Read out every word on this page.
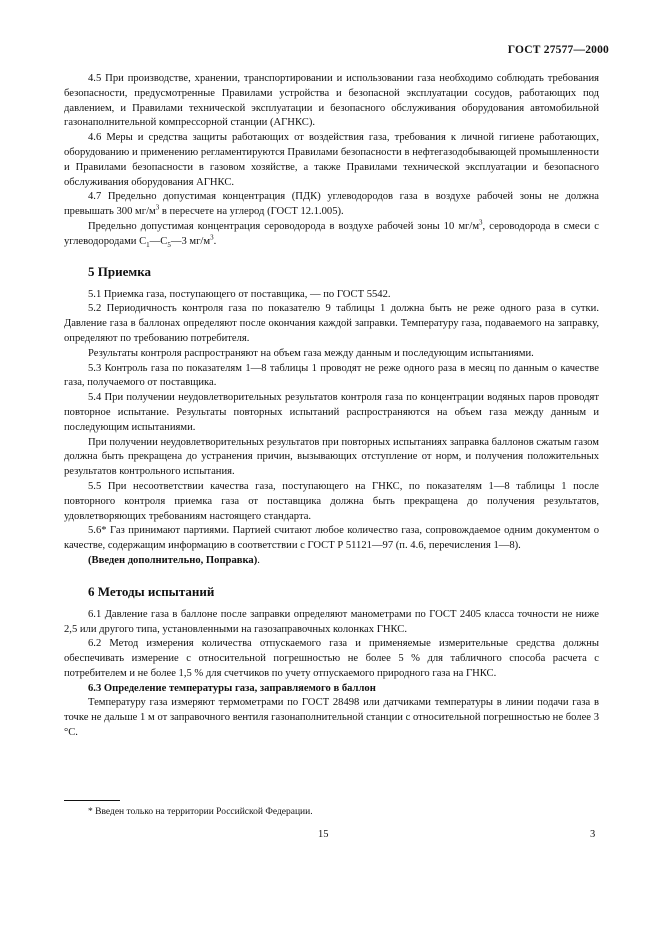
ГОСТ 27577—2000

4.5 При производстве, хранении, транспортировании и использовании газа необходимо соблюдать требования безопасности, предусмотренные Правилами устройства и безопасной эксплуатации сосудов, работающих под давлением, и Правилами технической эксплуатации и безопасного обслуживания оборудования автомобильной газонаполнительной компрессорной станции (АГНКС).

4.6 Меры и средства защиты работающих от воздействия газа, требования к личной гигиене работающих, оборудованию и применению регламентируются Правилами безопасности в нефтегазодобывающей промышленности и Правилами безопасности в газовом хозяйстве, а также Правилами технической эксплуатации и безопасного обслуживания оборудования АГНКС.

4.7 Предельно допустимая концентрация (ПДК) углеводородов газа в воздухе рабочей зоны не должна превышать 300 $мг/м^3$ в пересчете на углерод (ГОСТ 12.1.005).

Предельно допустимая концентрация сероводорода в воздухе рабочей зоны 10 $мг/м^3$, сероводорода в смеси с углеводородами $С_1—С_5—3$ $мг/м^3$.

5 Приемка

5.1 Приемка газа, поступающего от поставщика, — по ГОСТ 5542.

5.2 Периодичность контроля газа по показателю 9 таблицы 1 должна быть не реже одного раза в сутки. Давление газа в баллонах определяют после окончания каждой заправки. Температуру газа, подаваемого на заправку, определяют по требованию потребителя.

Результаты контроля распространяют на объем газа между данным и последующим испытаниями.

5.3 Контроль газа по показателям 1—8 таблицы 1 проводят не реже одного раза в месяц по данным о качестве газа, получаемого от поставщика.

5.4 При получении неудовлетворительных результатов контроля газа по концентрации водяных паров проводят повторное испытание. Результаты повторных испытаний распространяются на объем газа между данным и последующим испытаниями.

При получении неудовлетворительных результатов при повторных испытаниях заправка баллонов сжатым газом должна быть прекращена до устранения причин, вызывающих отступление от норм, и получения положительных результатов контрольного испытания.

5.5 При несоответствии качества газа, поступающего на ГНКС, по показателям 1—8 таблицы 1 после повторного контроля приемка газа от поставщика должна быть прекращена до получения результатов, удовлетворяющих требованиям настоящего стандарта.

5.6* Газ принимают партиями. Партией считают любое количество газа, сопровождаемое одним документом о качестве, содержащим информацию в соответствии с ГОСТ Р 51121—97 (п. 4.6, перечисления 1—8).

(Введен дополнительно, Поправка).

6 Методы испытаний

6.1 Давление газа в баллоне после заправки определяют манометрами по ГОСТ 2405 класса точности не ниже 2,5 или другого типа, установленными на газозаправочных колонках ГНКС.

6.2 Метод измерения количества отпускаемого газа и применяемые измерительные средства должны обеспечивать измерение с относительной погрешностью не более 5 % для табличного способа расчета с потребителем и не более 1,5 % для счетчиков по учету отпускаемого природного газа на ГНКС.

6.3 Определение температуры газа, заправляемого в баллон

Температуру газа измеряют термометрами по ГОСТ 28498 или датчиками температуры в линии подачи газа в точке не дальше 1 м от заправочного вентиля газонаполнительной станции с относительной погрешностью не более 3 °С.

* Введен только на территории Российской Федерации.
15	3
